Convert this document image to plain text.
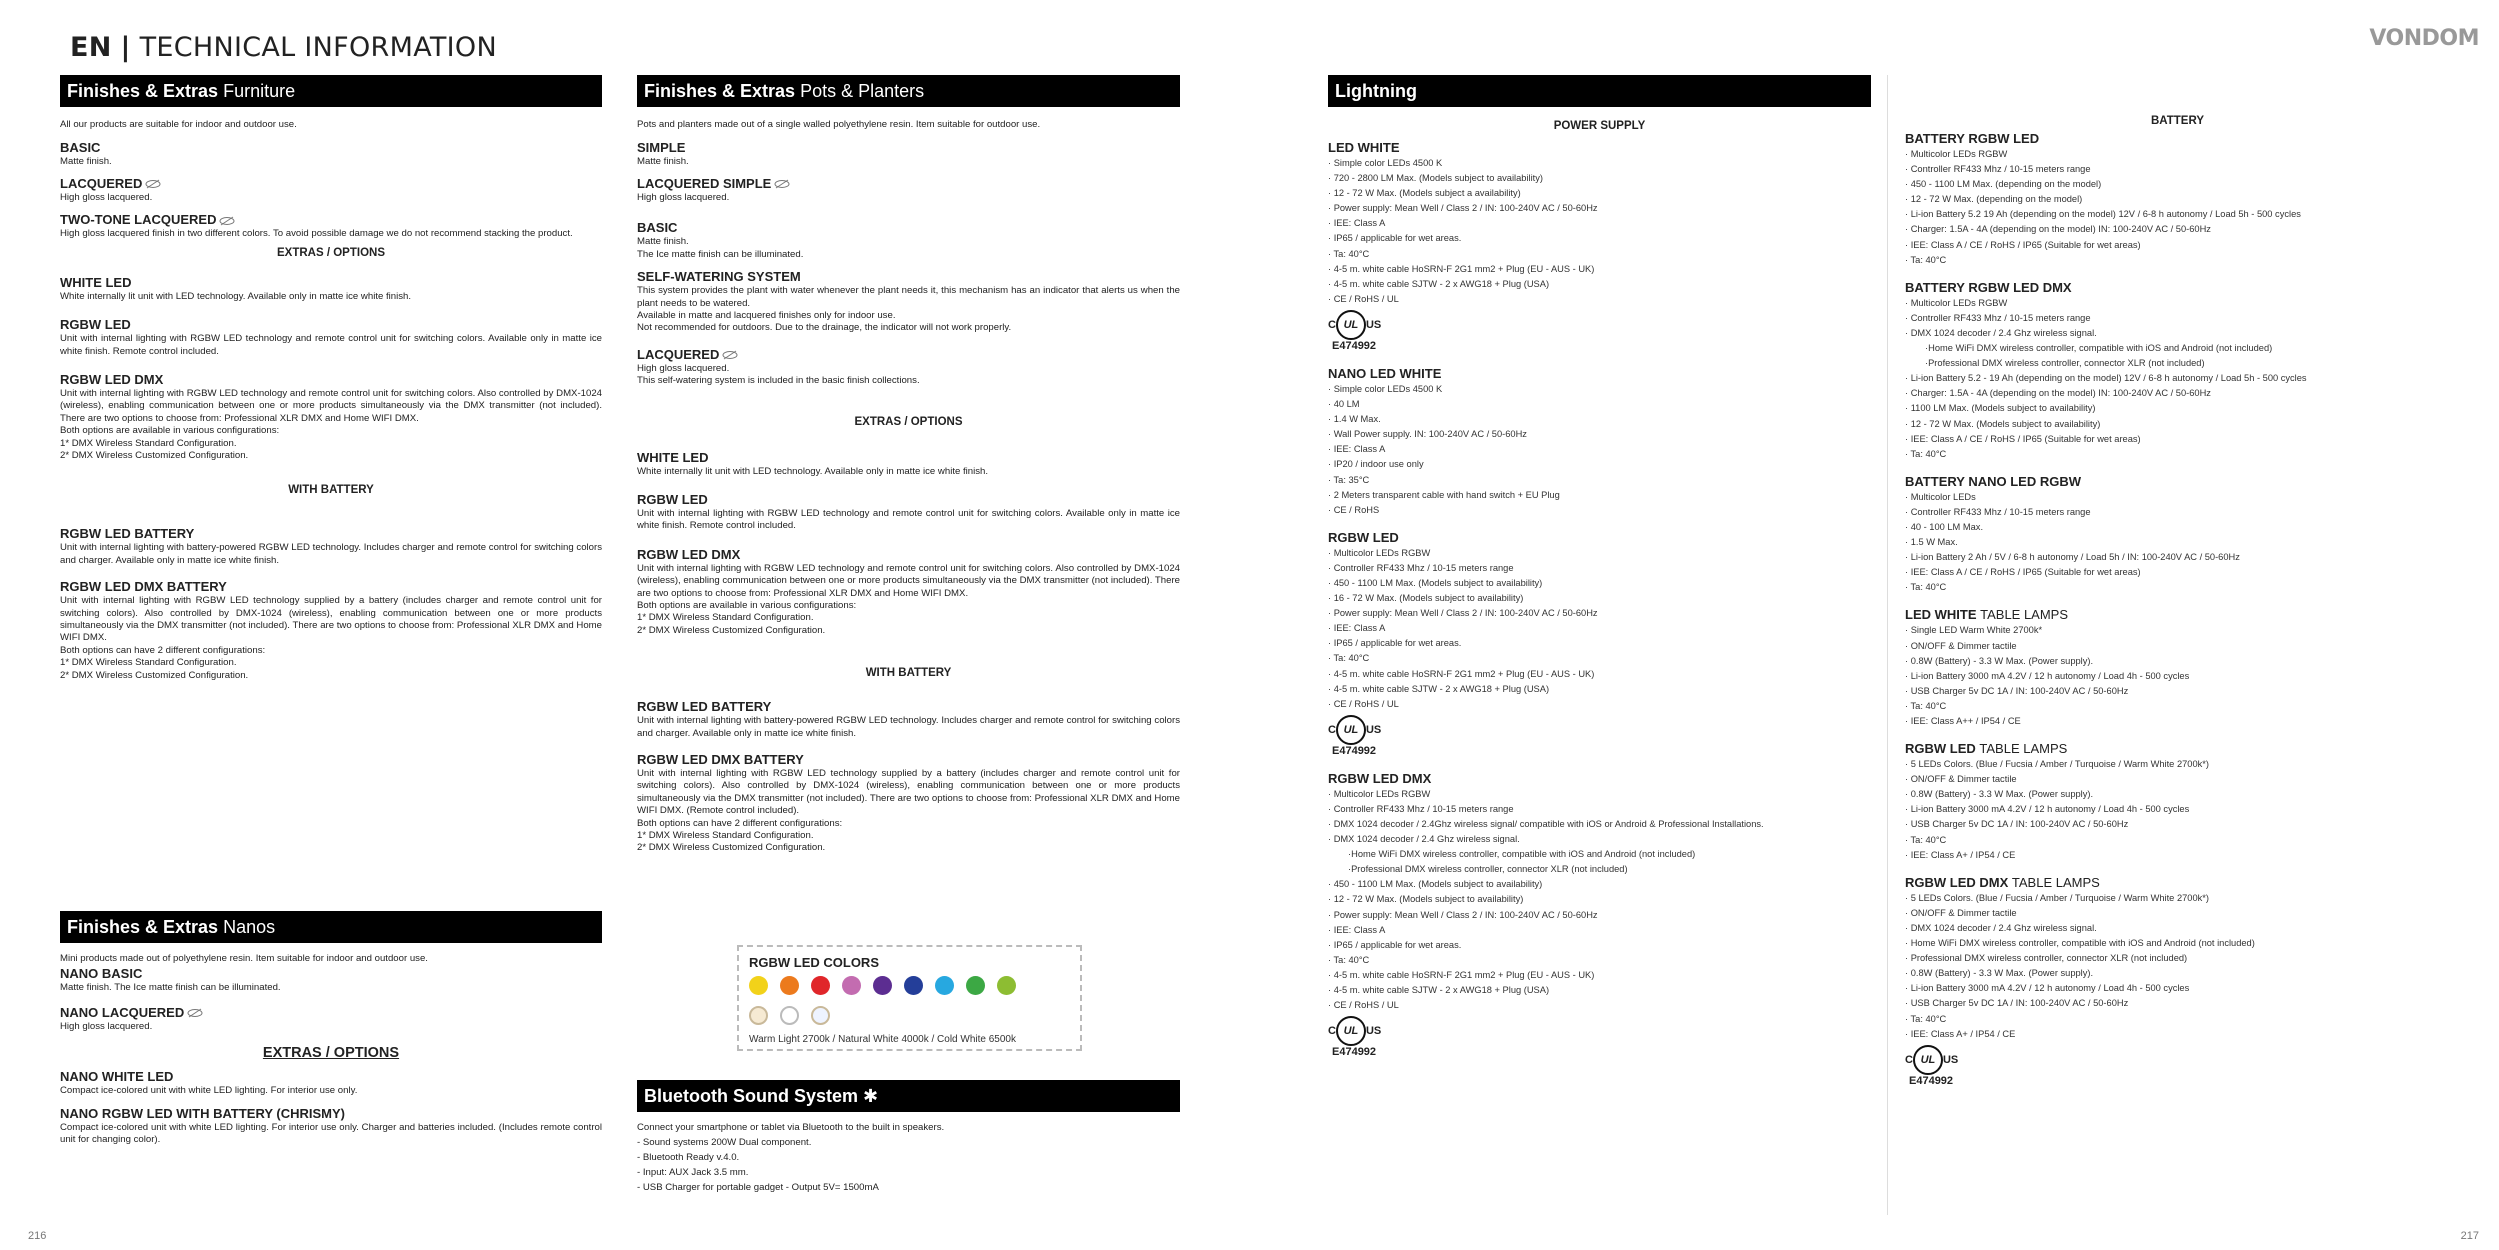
EN | TECHNICAL INFORMATION	VONDOM
Finishes & Extras Furniture

All our products are suitable for indoor and outdoor use.

BASIC

Matte finish.

LACQUERED

High gloss lacquered.

TWO-TONE LACQUERED

High gloss lacquered finish in two different colors. To avoid possible damage we do not recommend stacking the product.

EXTRAS / OPTIONS
WHITE LED

White internally lit unit with LED technology. Available only in matte ice white finish.

RGBW LED

Unit with internal lighting with RGBW LED technology and remote control unit for switching colors. Available only in matte ice white finish. Remote control included.

RGBW LED DMX

Unit with internal lighting with RGBW LED technology and remote control unit for switching colors. Also controlled by DMX-1024 (wireless), enabling communication between one or more products simultaneously via the DMX transmitter (not included). There are two options to choose from: Professional XLR DMX and Home WIFI DMX.

Both options are available in various configurations:

1* DMX Wireless Standard Configuration.

2* DMX Wireless Customized Configuration.

WITH BATTERY
RGBW LED BATTERY

Unit with internal lighting with battery-powered RGBW LED technology. Includes charger and remote control for switching colors and charger. Available only in matte ice white finish.

RGBW LED DMX BATTERY

Unit with internal lighting with RGBW LED technology supplied by a battery (includes charger and remote control unit for switching colors). Also controlled by DMX-1024 (wireless), enabling communication between one or more products simultaneously via the DMX transmitter (not included). There are two options to choose from: Professional XLR DMX and Home WIFI DMX.

Both options can have 2 different configurations:

1* DMX Wireless Standard Configuration.

2* DMX Wireless Customized Configuration.

Finishes & Extras Nanos

Mini products made out of polyethylene resin. Item suitable for indoor and outdoor use.

NANO BASIC

Matte finish. The Ice matte finish can be illuminated.

NANO LACQUERED

High gloss lacquered.

EXTRAS / OPTIONS
NANO WHITE LED

Compact ice-colored unit with white LED lighting. For interior use only.

NANO RGBW LED WITH BATTERY (CHRISMY)

Compact ice-colored unit with white LED lighting. For interior use only. Charger and batteries included. (Includes remote control unit for changing color).

Finishes & Extras Pots & Planters

Pots and planters made out of a single walled polyethylene resin. Item suitable for outdoor use.

SIMPLE

Matte finish.

LACQUERED SIMPLE

High gloss lacquered.

BASIC

Matte finish.

The Ice matte finish can be illuminated.

SELF-WATERING SYSTEM

This system provides the plant with water whenever the plant needs it, this mechanism has an indicator that alerts us when the plant needs to be watered.

Available in matte and lacquered finishes only for indoor use.

Not recommended for outdoors. Due to the drainage, the indicator will not work properly.

LACQUERED

High gloss lacquered.

This self-watering system is included in the basic finish collections.

EXTRAS / OPTIONS
WHITE LED

White internally lit unit with LED technology. Available only in matte ice white finish.

RGBW LED

Unit with internal lighting with RGBW LED technology and remote control unit for switching colors. Available only in matte ice white finish. Remote control included.

RGBW LED DMX

Unit with internal lighting with RGBW LED technology and remote control unit for switching colors. Also controlled by DMX-1024 (wireless), enabling communication between one or more products simultaneously via the DMX transmitter (not included). There are two options to choose from: Professional XLR DMX and Home WIFI DMX.

Both options are available in various configurations:

1* DMX Wireless Standard Configuration.

2* DMX Wireless Customized Configuration.

WITH BATTERY
RGBW LED BATTERY

Unit with internal lighting with battery-powered RGBW LED technology. Includes charger and remote control for switching colors and charger. Available only in matte ice white finish.

RGBW LED DMX BATTERY

Unit with internal lighting with RGBW LED technology supplied by a battery (includes charger and remote control unit for switching colors). Also controlled by DMX-1024 (wireless), enabling communication between one or more products simultaneously via the DMX transmitter (not included). There are two options to choose from: Professional XLR DMX and Home WIFI DMX. (Remote control included).

Both options can have 2 different configurations:

1* DMX Wireless Standard Configuration.

2* DMX Wireless Customized Configuration.

RGBW LED COLORS
Warm Light 2700k / Natural White 4000k / Cold White 6500k
Bluetooth Sound System ✱

Connect your smartphone or tablet via Bluetooth to the built in speakers.

- Sound systems 200W Dual component.
- Bluetooth Ready v.4.0.
- Input: AUX Jack 3.5 mm.
- USB Charger for portable gadget - Output 5V= 1500mA
Lightning
POWER SUPPLY
LED WHITE
· Simple color LEDs 4500 K
· 720 - 2800 LM Max. (Models subject to availability)
· 12 - 72 W Max. (Models subject a availability)
· Power supply: Mean Well / Class 2 / IN: 100-240V AC / 50-60Hz
· IEE: Class A
· IP65 / applicable for wet areas.
· Ta: 40°C
· 4-5 m. white cable HoSRN-F 2G1 mm2 + Plug (EU - AUS - UK)
· 4-5 m. white cable SJTW - 2 x AWG18 + Plug (USA)
· CE / RoHS / UL
C UL US
E474992
NANO LED WHITE
· Simple color LEDs 4500 K
· 40 LM
· 1.4 W Max.
· Wall Power supply. IN: 100-240V AC / 50-60Hz
· IEE: Class A
· IP20 / indoor use only
· Ta: 35°C
· 2 Meters transparent cable with hand switch + EU Plug
· CE / RoHS
RGBW LED
· Multicolor LEDs RGBW
· Controller RF433 Mhz / 10-15 meters range
· 450 - 1100 LM Max. (Models subject to availability)
· 16 - 72 W Max. (Models subject to availability)
· Power supply: Mean Well / Class 2 / IN: 100-240V AC / 50-60Hz
· IEE: Class A
· IP65 / applicable for wet areas.
· Ta: 40°C
· 4-5 m. white cable HoSRN-F 2G1 mm2 + Plug (EU - AUS - UK)
· 4-5 m. white cable SJTW - 2 x AWG18 + Plug (USA)
· CE / RoHS / UL
C UL US
E474992
RGBW LED DMX
· Multicolor LEDs RGBW
· Controller RF433 Mhz / 10-15 meters range
· DMX 1024 decoder / 2.4Ghz wireless signal/ compatible with iOS or Android & Professional Installations.
· DMX 1024 decoder / 2.4 Ghz wireless signal.
· Home WiFi DMX wireless controller, compatible with iOS and Android (not included)
· Professional DMX wireless controller, connector XLR (not included)
· 450 - 1100 LM Max. (Models subject to availability)
· 12 - 72 W Max. (Models subject to availability)
· Power supply: Mean Well / Class 2 / IN: 100-240V AC / 50-60Hz
· IEE: Class A
· IP65 / applicable for wet areas.
· Ta: 40°C
· 4-5 m. white cable HoSRN-F 2G1 mm2 + Plug (EU - AUS - UK)
· 4-5 m. white cable SJTW - 2 x AWG18 + Plug (USA)
· CE / RoHS / UL
C UL US
E474992
BATTERY
BATTERY RGBW LED
· Multicolor LEDs RGBW
· Controller RF433 Mhz / 10-15 meters range
· 450 - 1100 LM Max. (depending on the model)
· 12 - 72 W Max. (depending on the model)
· Li-ion Battery 5.2 19 Ah (depending on the model) 12V / 6-8 h autonomy / Load 5h - 500 cycles
· Charger: 1.5A - 4A (depending on the model) IN: 100-240V AC / 50-60Hz
· IEE: Class A / CE / RoHS / IP65 (Suitable for wet areas)
· Ta: 40°C
BATTERY RGBW LED DMX
· Multicolor LEDs RGBW
· Controller RF433 Mhz / 10-15 meters range
· DMX 1024 decoder / 2.4 Ghz wireless signal.
· Home WiFi DMX wireless controller, compatible with iOS and Android (not included)
· Professional DMX wireless controller, connector XLR (not included)
· Li-ion Battery 5.2 - 19 Ah (depending on the model) 12V / 6-8 h autonomy / Load 5h - 500 cycles
· Charger: 1.5A - 4A (depending on the model) IN: 100-240V AC / 50-60Hz
· 1100 LM Max. (Models subject to availability)
· 12 - 72 W Max. (Models subject to availability)
· IEE: Class A / CE / RoHS / IP65 (Suitable for wet areas)
· Ta: 40°C
BATTERY NANO LED RGBW
· Multicolor LEDs
· Controller RF433 Mhz / 10-15 meters range
· 40 - 100 LM Max.
· 1.5 W Max.
· Li-ion Battery 2 Ah / 5V / 6-8 h autonomy / Load 5h / IN: 100-240V AC / 50-60Hz
· IEE: Class A / CE / RoHS / IP65 (Suitable for wet areas)
· Ta: 40°C
LED WHITE TABLE LAMPS
· Single LED Warm White 2700k*
· ON/OFF & Dimmer tactile
· 0.8W (Battery) - 3.3 W Max. (Power supply).
· Li-ion Battery 3000 mA 4.2V / 12 h autonomy / Load 4h - 500 cycles
· USB Charger 5v DC 1A / IN: 100-240V AC / 50-60Hz
· Ta: 40°C
· IEE: Class A++ / IP54 / CE
RGBW LED TABLE LAMPS
· 5 LEDs Colors. (Blue / Fucsia / Amber / Turquoise / Warm White 2700k*)
· ON/OFF & Dimmer tactile
· 0.8W (Battery) - 3.3 W Max. (Power supply).
· Li-ion Battery 3000 mA 4.2V / 12 h autonomy / Load 4h - 500 cycles
· USB Charger 5v DC 1A / IN: 100-240V AC / 50-60Hz
· Ta: 40°C
· IEE: Class A+ / IP54 / CE
RGBW LED DMX TABLE LAMPS
· 5 LEDs Colors. (Blue / Fucsia / Amber / Turquoise / Warm White 2700k*)
· ON/OFF & Dimmer tactile
· DMX 1024 decoder / 2.4 Ghz wireless signal.
· Home WiFi DMX wireless controller, compatible with iOS and Android (not included)
· Professional DMX wireless controller, connector XLR (not included)
· 0.8W (Battery) - 3.3 W Max. (Power supply).
· Li-ion Battery 3000 mA 4.2V / 12 h autonomy / Load 4h - 500 cycles
· USB Charger 5v DC 1A / IN: 100-240V AC / 50-60Hz
· Ta: 40°C
· IEE: Class A+ / IP54 / CE
C UL US
E474992
216	217
